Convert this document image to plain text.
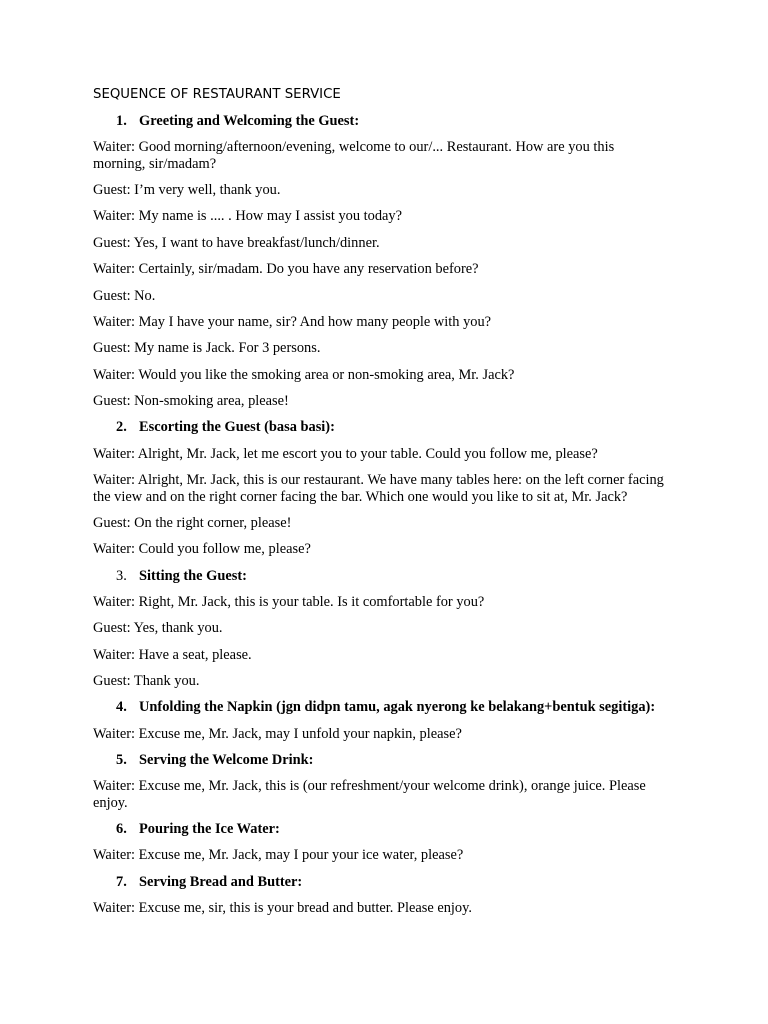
SEQUENCE OF RESTAURANT SERVICE
1. Greeting and Welcoming the Guest:
Waiter: Good morning/afternoon/evening, welcome to our/... Restaurant. How are you this morning, sir/madam?
Guest: I’m very well, thank you.
Waiter: My name is .... . How may I assist you today?
Guest: Yes, I want to have breakfast/lunch/dinner.
Waiter: Certainly, sir/madam. Do you have any reservation before?
Guest: No.
Waiter: May I have your name, sir? And how many people with you?
Guest: My name is Jack. For 3 persons.
Waiter: Would you like the smoking area or non-smoking area, Mr. Jack?
Guest: Non-smoking area, please!
2. Escorting the Guest (basa basi):
Waiter: Alright, Mr. Jack, let me escort you to your table. Could you follow me, please?
Waiter: Alright, Mr. Jack, this is our restaurant. We have many tables here: on the left corner facing the view and on the right corner facing the bar. Which one would you like to sit at, Mr. Jack?
Guest: On the right corner, please!
Waiter: Could you follow me, please?
3. Sitting the Guest:
Waiter: Right, Mr. Jack, this is your table. Is it comfortable for you?
Guest: Yes, thank you.
Waiter: Have a seat, please.
Guest: Thank you.
4. Unfolding the Napkin (jgn didpn tamu, agak nyerong ke belakang+bentuk segitiga):
Waiter: Excuse me, Mr. Jack, may I unfold your napkin, please?
5. Serving the Welcome Drink:
Waiter: Excuse me, Mr. Jack, this is (our refreshment/your welcome drink), orange juice. Please enjoy.
6. Pouring the Ice Water:
Waiter: Excuse me, Mr. Jack, may I pour your ice water, please?
7. Serving Bread and Butter:
Waiter: Excuse me, sir, this is your bread and butter. Please enjoy.
